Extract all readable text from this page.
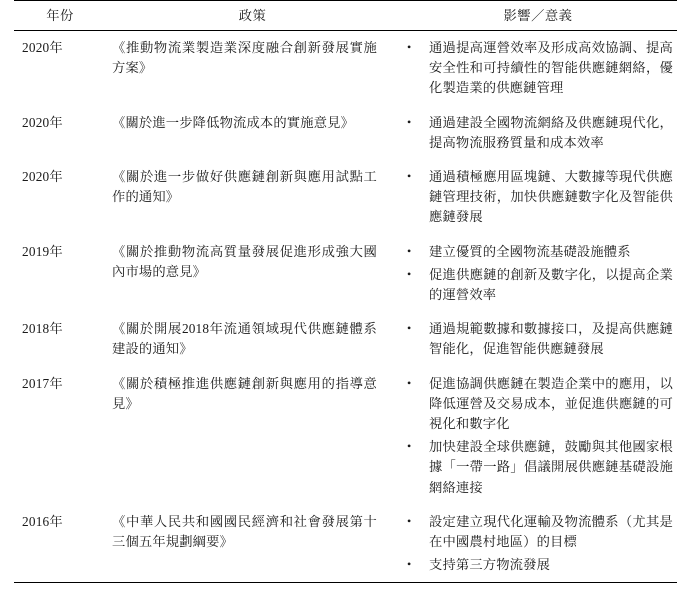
年份	政策	影響／意義
2020年	《推動物流業製造業深度融合創新發展實施方案》	
• 通過提高運營效率及形成高效協調、提高安全性和可持續性的智能供應鏈網絡，優化製造業的供應鏈管理

2020年	《關於進一步降低物流成本的實施意見》	• 通過建設全國物流網絡及供應鏈現代化，提高物流服務質量和成本效率

2020年	《關於進一步做好供應鏈創新與應用試點工作的通知》	
• 通過積極應用區塊鏈、大數據等現代供應鏈管理技術，加快供應鏈數字化及智能供應鏈發展

2019年	《關於推動物流高質量發展促進形成強大國內市場的意見》	
• 建立優質的全國物流基礎設施體系
• 促進供應鏈的創新及數字化，以提高企業的運營效率

2018年	《關於開展2018年流通領域現代供應鏈體系建設的通知》	
• 通過規範數據和數據接口，及提高供應鏈智能化，促進智能供應鏈發展

2017年	《關於積極推進供應鏈創新與應用的指導意見》	
• 促進協調供應鏈在製造企業中的應用，以降低運營及交易成本，並促進供應鏈的可視化和數字化
• 加快建設全球供應鏈，鼓勵與其他國家根據「一帶一路」倡議開展供應鏈基礎設施網絡連接

2016年	《中華人民共和國國民經濟和社會發展第十三個五年規劃綱要》	
• 設定建立現代化運輸及物流體系（尤其是在中國農村地區）的目標
• 支持第三方物流發展
